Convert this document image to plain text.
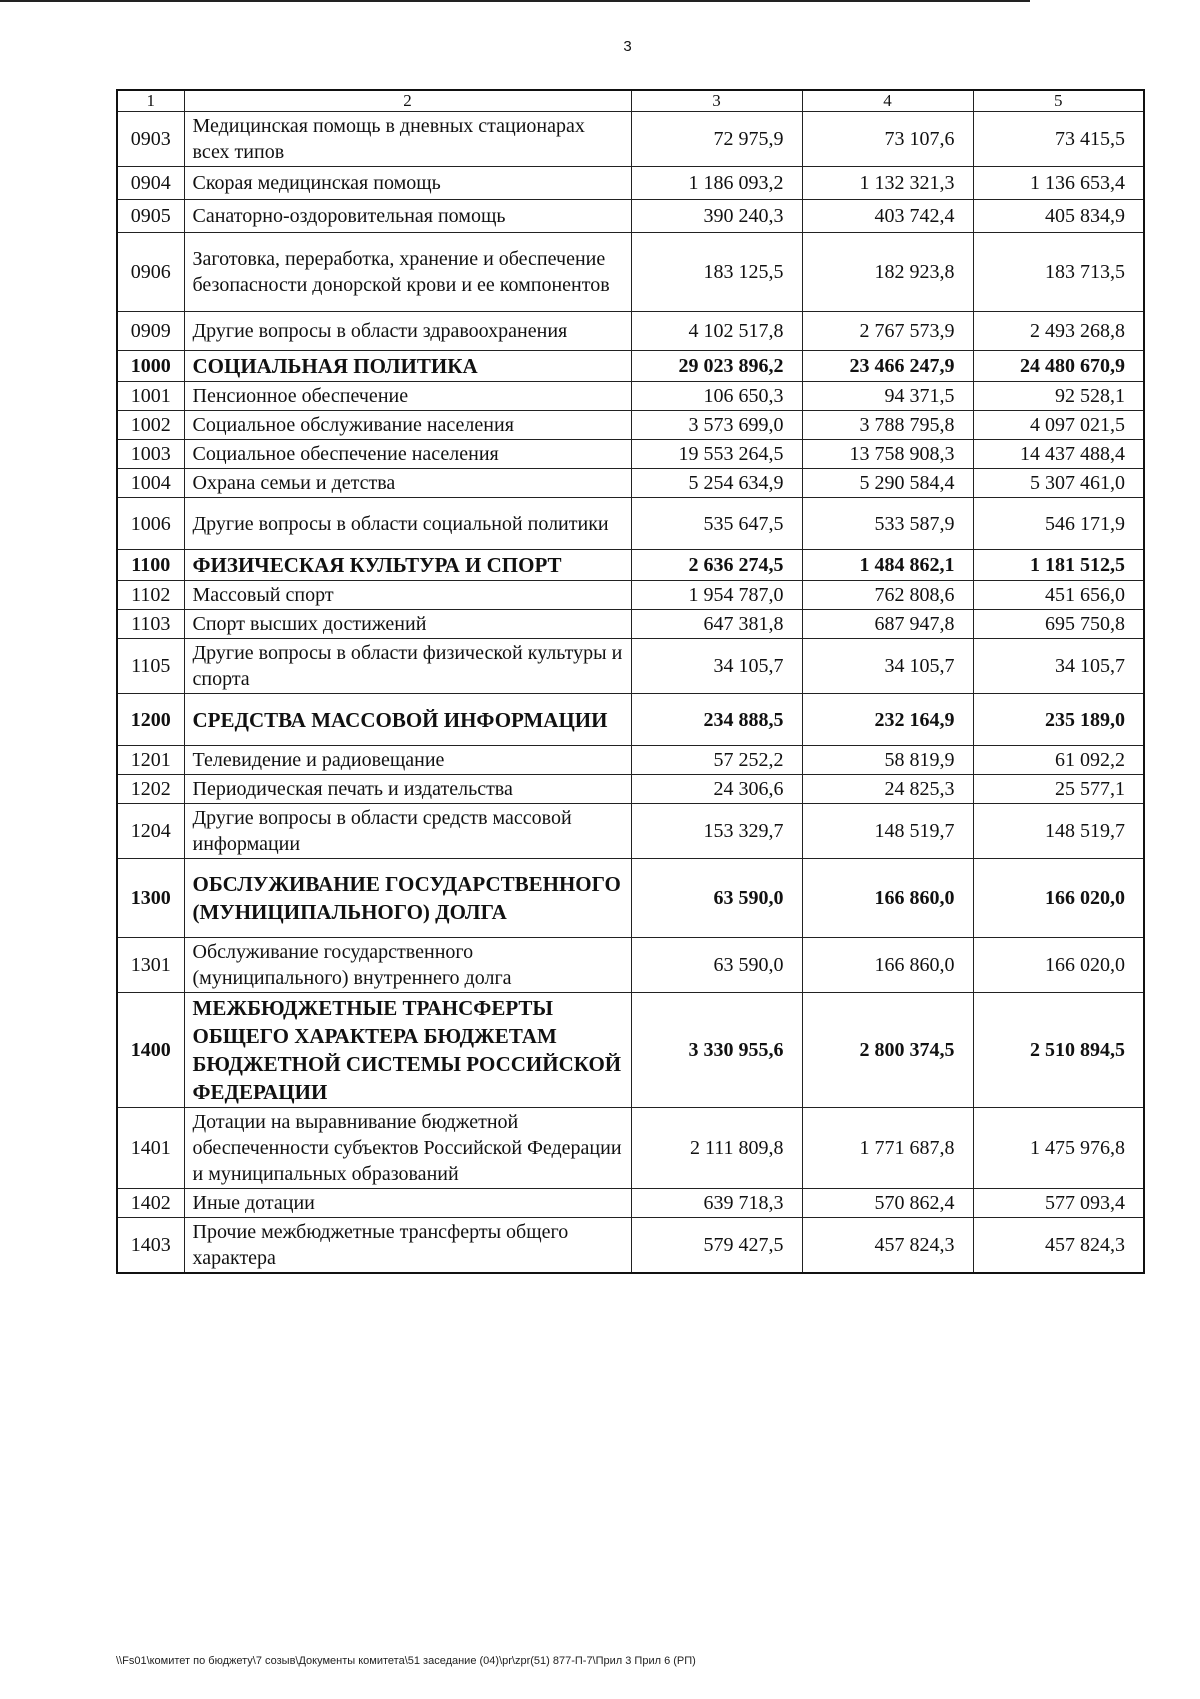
3
1	2	3	4	5
0903	Медицинская помощь в дневных стационарах всех типов	72 975,9	73 107,6	73 415,5
0904	Скорая медицинская помощь	1 186 093,2	1 132 321,3	1 136 653,4
0905	Санаторно-оздоровительная помощь	390 240,3	403 742,4	405 834,9
0906	Заготовка, переработка, хранение и обеспечение безопасности донорской крови и ее компонентов	183 125,5	182 923,8	183 713,5
0909	Другие вопросы в области здравоохранения	4 102 517,8	2 767 573,9	2 493 268,8
1000	СОЦИАЛЬНАЯ ПОЛИТИКА	29 023 896,2	23 466 247,9	24 480 670,9
1001	Пенсионное обеспечение	106 650,3	94 371,5	92 528,1
1002	Социальное обслуживание населения	3 573 699,0	3 788 795,8	4 097 021,5
1003	Социальное обеспечение населения	19 553 264,5	13 758 908,3	14 437 488,4
1004	Охрана семьи и детства	5 254 634,9	5 290 584,4	5 307 461,0
1006	Другие вопросы в области социальной политики	535 647,5	533 587,9	546 171,9
1100	ФИЗИЧЕСКАЯ КУЛЬТУРА И СПОРТ	2 636 274,5	1 484 862,1	1 181 512,5
1102	Массовый спорт	1 954 787,0	762 808,6	451 656,0
1103	Спорт высших достижений	647 381,8	687 947,8	695 750,8
1105	Другие вопросы в области физической культуры и спорта	34 105,7	34 105,7	34 105,7
1200	СРЕДСТВА МАССОВОЙ ИНФОРМАЦИИ	234 888,5	232 164,9	235 189,0
1201	Телевидение и радиовещание	57 252,2	58 819,9	61 092,2
1202	Периодическая печать и издательства	24 306,6	24 825,3	25 577,1
1204	Другие вопросы в области средств массовой информации	153 329,7	148 519,7	148 519,7
1300	ОБСЛУЖИВАНИЕ ГОСУДАРСТВЕННОГО (МУНИЦИПАЛЬНОГО) ДОЛГА	63 590,0	166 860,0	166 020,0
1301	Обслуживание государственного (муниципального) внутреннего долга	63 590,0	166 860,0	166 020,0
1400	МЕЖБЮДЖЕТНЫЕ ТРАНСФЕРТЫ ОБЩЕГО ХАРАКТЕРА БЮДЖЕТАМ БЮДЖЕТНОЙ СИСТЕМЫ РОССИЙСКОЙ ФЕДЕРАЦИИ	3 330 955,6	2 800 374,5	2 510 894,5
1401	Дотации на выравнивание бюджетной обеспеченности субъектов Российской Федерации и муниципальных образований	2 111 809,8	1 771 687,8	1 475 976,8
1402	Иные дотации	639 718,3	570 862,4	577 093,4
1403	Прочие межбюджетные трансферты общего характера	579 427,5	457 824,3	457 824,3
\\Fs01\комитет по бюджету\7 созыв\Документы комитета\51 заседание (04)\pr\zpr(51) 877-П-7\Прил 3 Прил 6 (РП)
